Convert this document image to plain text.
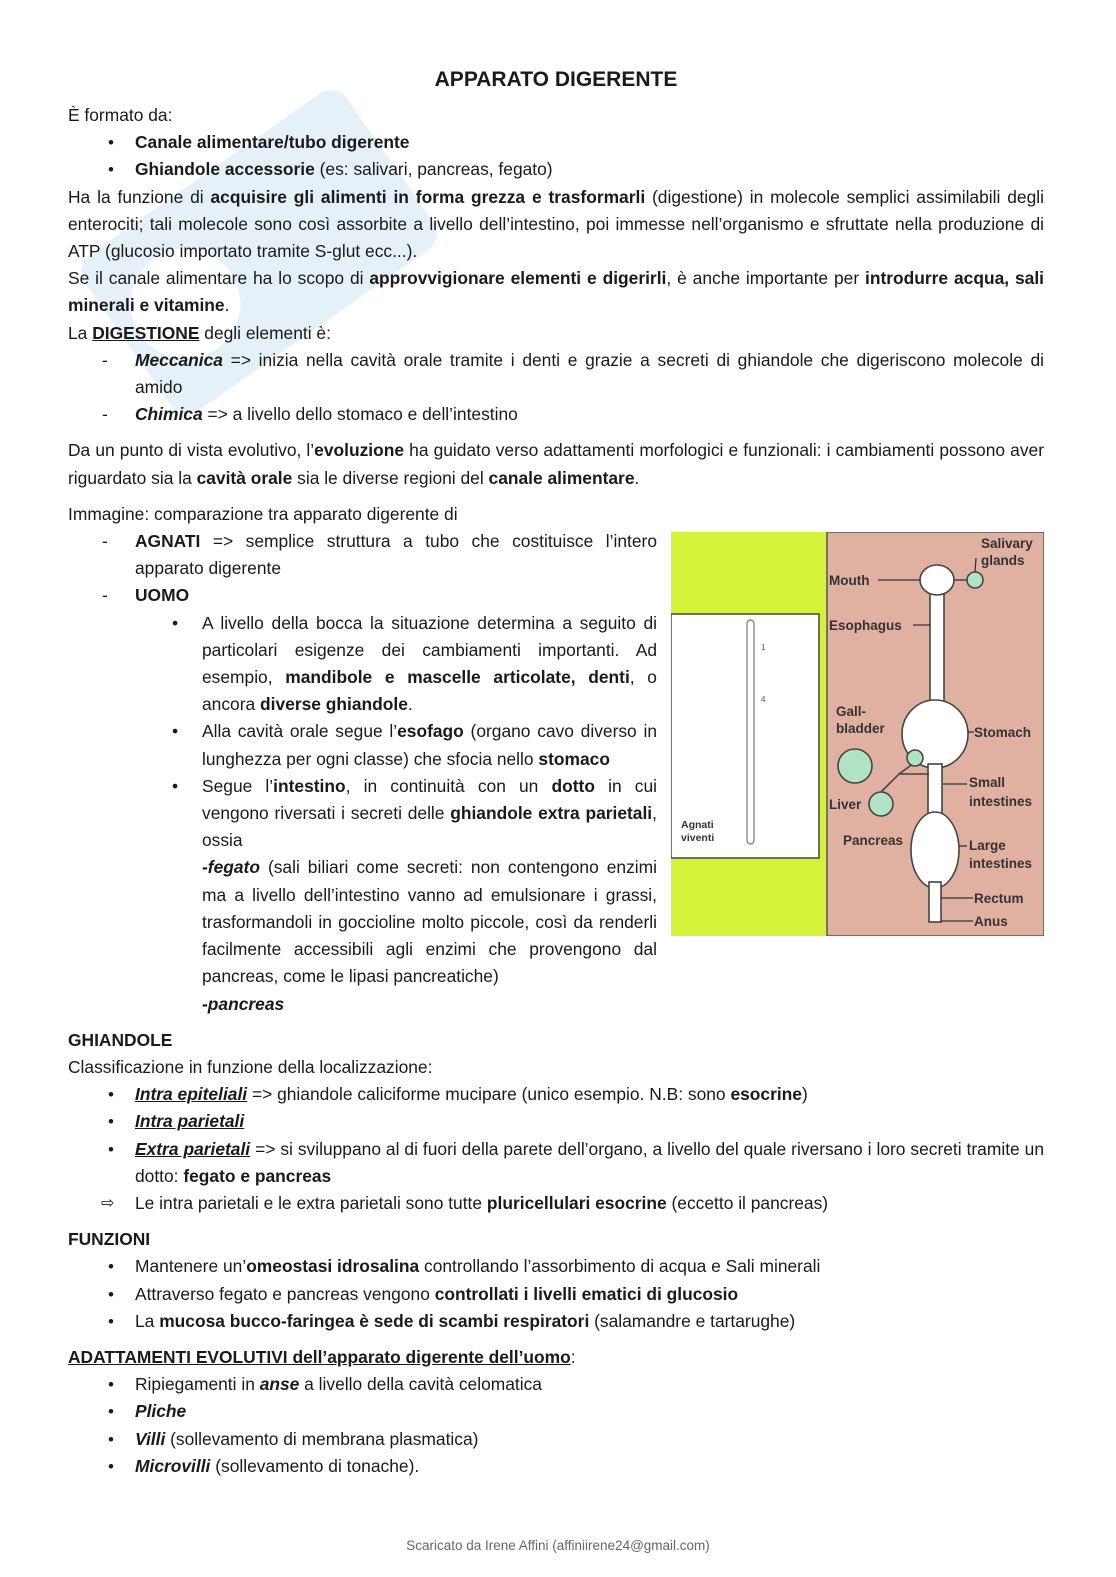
APPARATO DIGERENTE

È formato da:

• Canale alimentare/tubo digerente
• Ghiandole accessorie (es: salivari, pancreas, fegato)

Ha la funzione di acquisire gli alimenti in forma grezza e trasformarli (digestione) in molecole semplici assimilabili degli enterociti; tali molecole sono così assorbite a livello dell’intestino, poi immesse nell’organismo e sfruttate nella produzione di ATP (glucosio importato tramite S-glut ecc...).

Se il canale alimentare ha lo scopo di approvvigionare elementi e digerirli, è anche importante per introdurre acqua, sali minerali e vitamine.

La DIGESTIONE degli elementi è:

- Meccanica => inizia nella cavità orale tramite i denti e grazie a secreti di ghiandole che digeriscono molecole di amido
- Chimica => a livello dello stomaco e dell’intestino

Da un punto di vista evolutivo, l’evoluzione ha guidato verso adattamenti morfologici e funzionali: i cambiamenti possono aver riguardato sia la cavità orale sia le diverse regioni del canale alimentare.

Immagine: comparazione tra apparato digerente di

1
4
Agnati
viventi
Mouth
Salivary
glands
Esophagus
Gall-
bladder	Stomach
Liver
Small
intestines
Pancreas	Large
intestines
Rectum
Anus
- AGNATI => semplice struttura a tubo che costituisce l’intero apparato digerente
- UOMO
• A livello della bocca la situazione determina a seguito di particolari esigenze dei cambiamenti importanti. Ad esempio, mandibole e mascelle articolate, denti, o ancora diverse ghiandole.
• Alla cavità orale segue l’esofago (organo cavo diverso in lunghezza per ogni classe) che sfocia nello stomaco
• Segue l’intestino, in continuità con un dotto in cui vengono riversati i secreti delle ghiandole extra parietali, ossia

-fegato (sali biliari come secreti: non contengono enzimi ma a livello dell’intestino vanno ad emulsionare i grassi, trasformandoli in goccioline molto piccole, così da renderli facilmente accessibili agli enzimi che provengono dal pancreas, come le lipasi pancreatiche)

-pancreas

GHIANDOLE

Classificazione in funzione della localizzazione:

• Intra epiteliali => ghiandole caliciforme mucipare (unico esempio. N.B: sono esocrine)
• Intra parietali
• Extra parietali => si sviluppano al di fuori della parete dell’organo, a livello del quale riversano i loro secreti tramite un dotto: fegato e pancreas
⇨ Le intra parietali e le extra parietali sono tutte pluricellulari esocrine (eccetto il pancreas)
FUNZIONI
• Mantenere un’omeostasi idrosalina controllando l’assorbimento di acqua e Sali minerali
• Attraverso fegato e pancreas vengono controllati i livelli ematici di glucosio
• La mucosa bucco-faringea è sede di scambi respiratori (salamandre e tartarughe)
ADATTAMENTI EVOLUTIVI dell’apparato digerente dell’uomo:
• Ripiegamenti in anse a livello della cavità celomatica
• Pliche
• Villi (sollevamento di membrana plasmatica)
• Microvilli (sollevamento di tonache).
Scaricato da Irene Affini (affiniirene24@gmail.com)
